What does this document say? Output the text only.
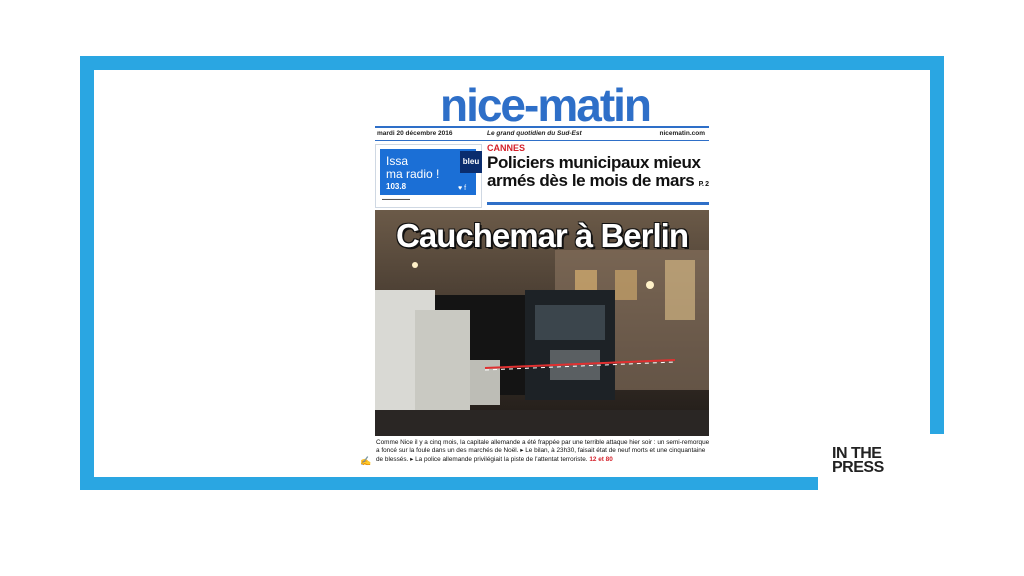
nice-matin
mardi 20 décembre 2016	Le grand quotidien du Sud-Est	nicematin.com
Issa
ma radio !
103.8
bleu
♥ f
▬▬▬▬▬▬▬▬
CANNES
Policiers municipaux mieux armés dès le mois de mars P. 2
Cauchemar à Berlin
Comme Nice il y a cinq mois, la capitale allemande a été frappée par une terrible attaque hier soir : un semi-remorque a foncé sur la foule dans un des marchés de Noël. ▸ Le bilan, à 23h30, faisait état de neuf morts et une cinquantaine de blessés. ▸ La police allemande privilégiait la piste de l'attentat terroriste. 12 et 80
✍	IN THE
PRESS
